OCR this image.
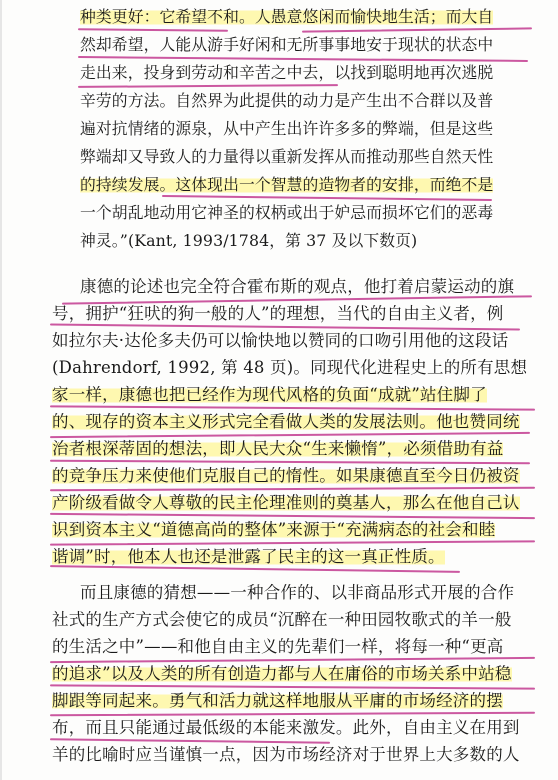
种类更好：它希望不和。人愚意悠闲而愉快地生活；而大自
然却希望，人能从游手好闲和无所事事地安于现状的状态中
走出来，投身到劳动和辛苦之中去，以找到聪明地再次逃脱
辛劳的方法。自然界为此提供的动力是产生出不合群以及普
遍对抗情绪的源泉，从中产生出许许多多的弊端，但是这些
弊端却又导致人的力量得以重新发挥从而推动那些自然天性
的持续发展。这体现出一个智慧的造物者的安排，而绝不是
一个胡乱地动用它神圣的权柄或出于妒忌而损坏它们的恶毒
神灵。”(Kant, 1993/1784，第 37 及以下数页)
康德的论述也完全符合霍布斯的观点，他打着启蒙运动的旗
号，拥护“狂吠的狗一般的人”的理想，当代的自由主义者，例
如拉尔夫·达伦多夫仍可以愉快地以赞同的口吻引用他的这段话
(Dahrendorf, 1992, 第 48 页)。同现代化进程史上的所有思想
家一样，康德也把已经作为现代风格的负面“成就”站住脚了
的、现存的资本主义形式完全看做人类的发展法则。他也赞同统
治者根深蒂固的想法，即人民大众“生来懒惰”，必须借助有益
的竞争压力来使他们克服自己的惰性。如果康德直至今日仍被资
产阶级看做令人尊敬的民主伦理准则的奠基人，那么在他自己认
识到资本主义“道德高尚的整体”来源于“充满病态的社会和睦
谐调”时，他本人也还是泄露了民主的这一真正性质。
而且康德的猜想——一种合作的、以非商品形式开展的合作
社式的生产方式会使它的成员“沉醉在一种田园牧歌式的羊一般
的生活之中”——和他自由主义的先辈们一样，将每一种“更高
的追求”以及人类的所有创造力都与人在庸俗的市场关系中站稳
脚跟等同起来。勇气和活力就这样地服从平庸的市场经济的摆
布，而且只能通过最低级的本能来激发。此外，自由主义在用到
羊的比喻时应当谨慎一点，因为市场经济对于世界上大多数的人
